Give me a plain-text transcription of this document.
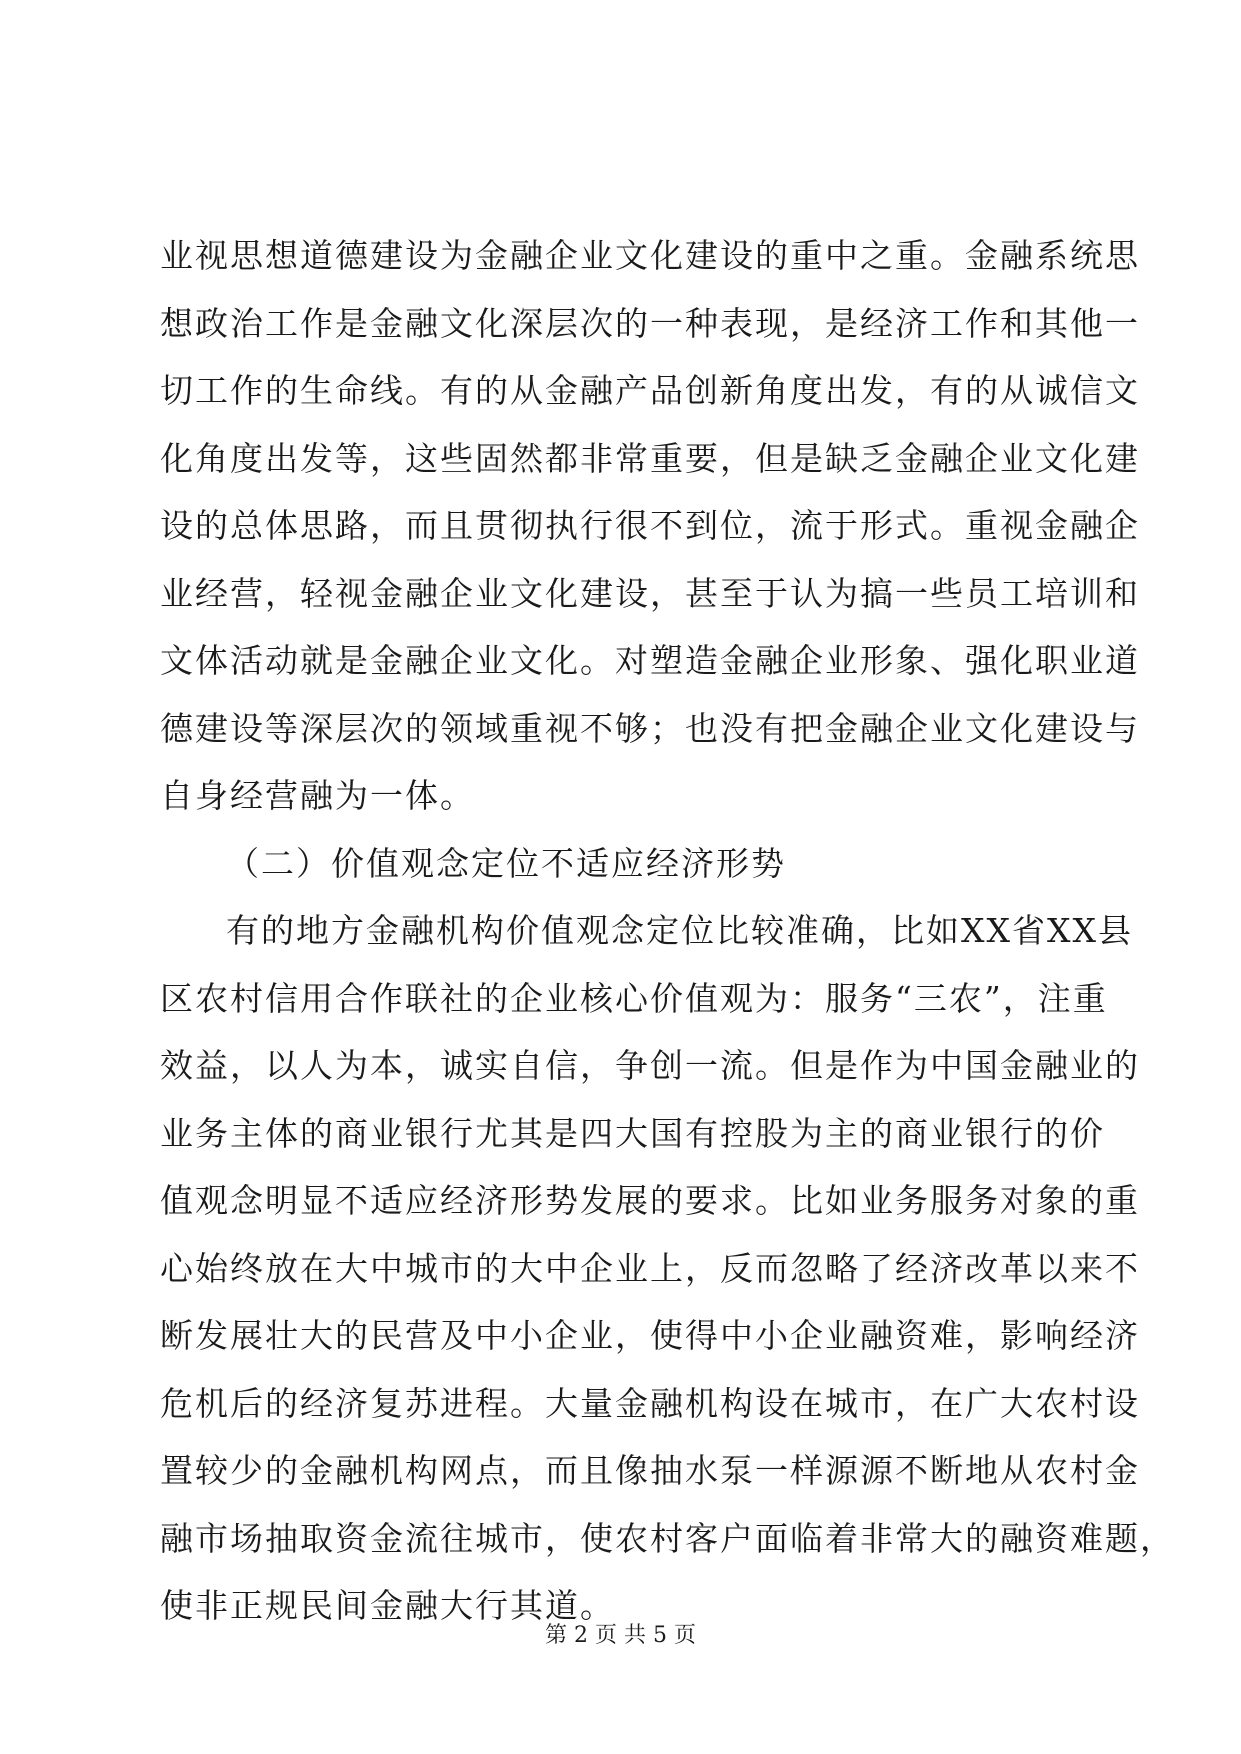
业视思想道德建设为金融企业文化建设的重中之重。金融系统思
想政治工作是金融文化深层次的一种表现，是经济工作和其他一
切工作的生命线。有的从金融产品创新角度出发，有的从诚信文
化角度出发等，这些固然都非常重要，但是缺乏金融企业文化建
设的总体思路，而且贯彻执行很不到位，流于形式。重视金融企
业经营，轻视金融企业文化建设，甚至于认为搞一些员工培训和
文体活动就是金融企业文化。对塑造金融企业形象、强化职业道
德建设等深层次的领域重视不够；也没有把金融企业文化建设与
自身经营融为一体。
（二）价值观念定位不适应经济形势
有的地方金融机构价值观念定位比较准确，比如XX省XX县
区农村信用合作联社的企业核心价值观为：服务“三农”，注重
效益，以人为本，诚实自信，争创一流。但是作为中国金融业的
业务主体的商业银行尤其是四大国有控股为主的商业银行的价
值观念明显不适应经济形势发展的要求。比如业务服务对象的重
心始终放在大中城市的大中企业上，反而忽略了经济改革以来不
断发展壮大的民营及中小企业，使得中小企业融资难，影响经济
危机后的经济复苏进程。大量金融机构设在城市，在广大农村设
置较少的金融机构网点，而且像抽水泵一样源源不断地从农村金
融市场抽取资金流往城市，使农村客户面临着非常大的融资难题，
使非正规民间金融大行其道。
第 2 页 共 5 页
